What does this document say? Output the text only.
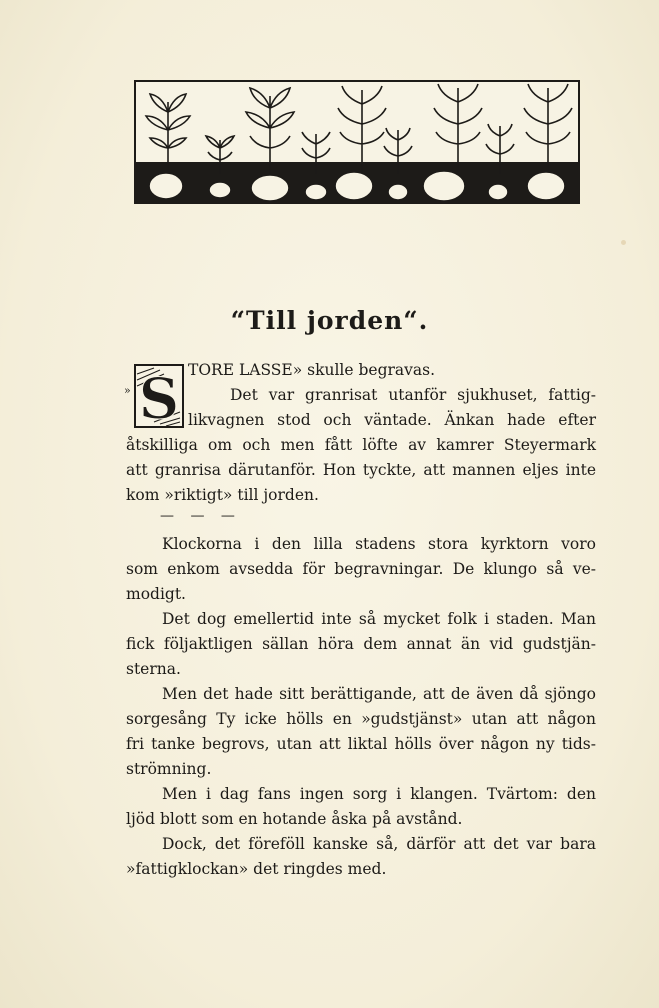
“Till jorden“.
S
»
TORE LASSE» skulle begravas.
Det var granrisat utanför sjukhuset, fattig-
likvagnen stod och väntade. Änkan hade efter
åtskilliga om och men fått löfte av kamrer Steyermark
att granrisa därutanför. Hon tyckte, att mannen eljes inte
kom »riktigt» till jorden.
— — —
Klockorna i den lilla stadens stora kyrktorn voro
som enkom avsedda för begravningar. De klungo så ve-
modigt.
Det dog emellertid inte så mycket folk i staden. Man
fick följaktligen sällan höra dem annat än vid gudstjän-
sterna.
Men det hade sitt berättigande, att de även då sjöngo
sorgesång Ty icke hölls en »gudstjänst» utan att någon
fri tanke begrovs, utan att liktal hölls över någon ny tids-
strömning.
Men i dag fans ingen sorg i klangen. Tvärtom: den
ljöd blott som en hotande åska på avstånd.
Dock, det föreföll kanske så, därför att det var bara
»fattigklockan» det ringdes med.
